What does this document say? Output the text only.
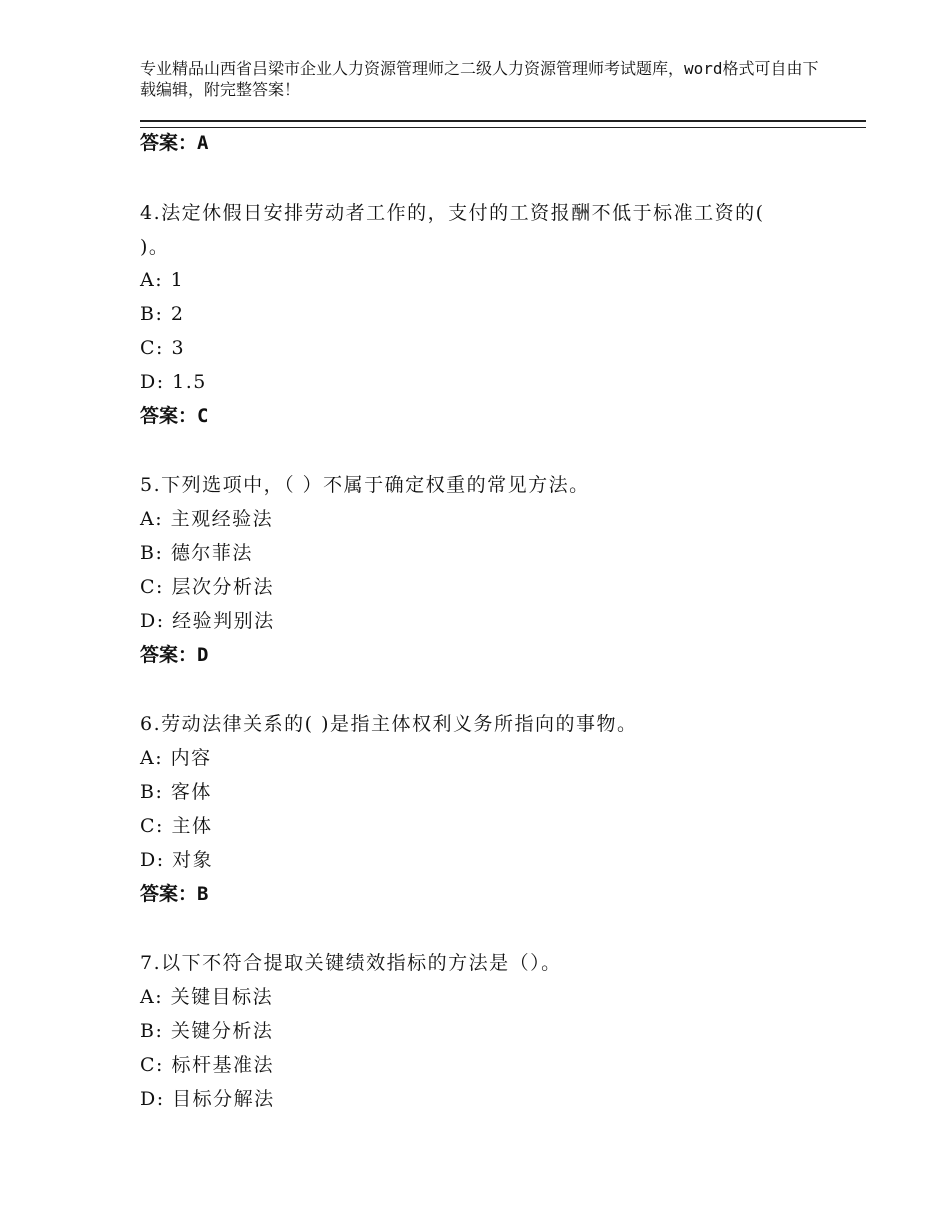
专业精品山西省吕梁市企业人力资源管理师之二级人力资源管理师考试题库，word格式可自由下载编辑，附完整答案！
答案：A
4.法定休假日安排劳动者工作的，支付的工资报酬不低于标准工资的(
)。
A: 1
B: 2
C: 3
D: 1.5
答案：C
5.下列选项中，（ ）不属于确定权重的常见方法。
A: 主观经验法
B: 德尔菲法
C: 层次分析法
D: 经验判别法
答案：D
6.劳动法律关系的( )是指主体权利义务所指向的事物。
A: 内容
B: 客体
C: 主体
D: 对象
答案：B
7.以下不符合提取关键绩效指标的方法是（）。
A: 关键目标法
B: 关键分析法
C: 标杆基准法
D: 目标分解法
